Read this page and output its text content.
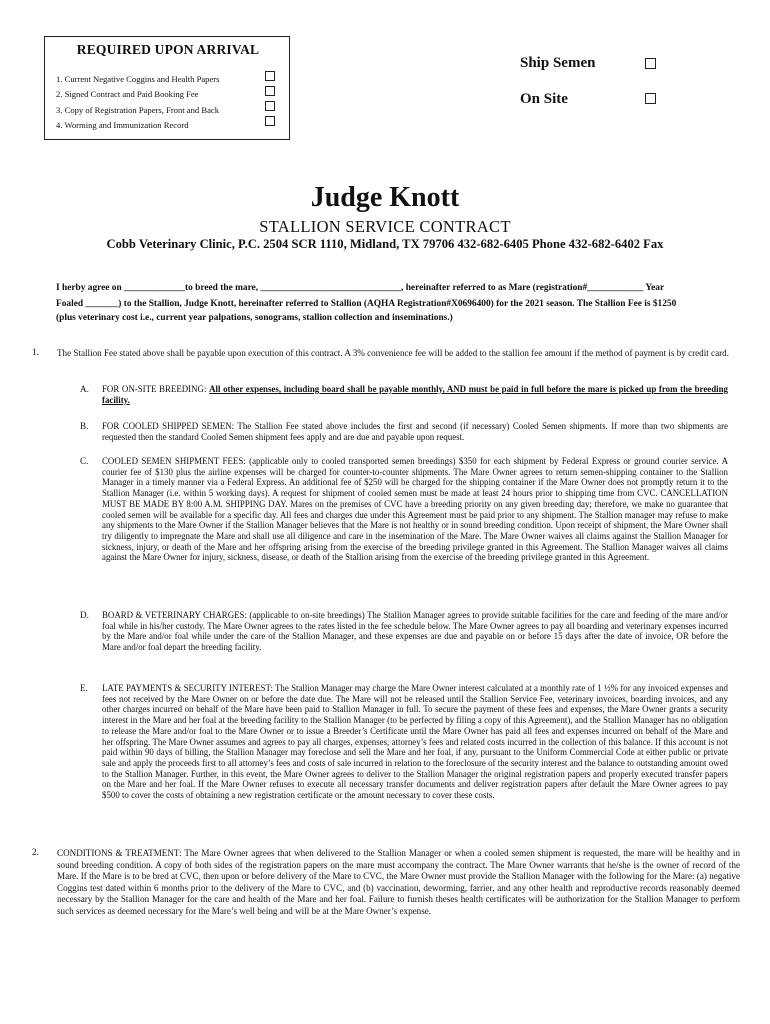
REQUIRED UPON ARRIVAL
1. Current Negative Coggins and Health Papers
2. Signed Contract and Paid Booking Fee
3. Copy of Registration Papers, Front and Back
4. Worming and Immunization Record
Ship Semen
On Site
Judge Knott
STALLION SERVICE CONTRACT
Cobb Veterinary Clinic, P.C. 2504 SCR 1110, Midland, TX 79706 432-682-6405 Phone 432-682-6402 Fax
I herby agree on _____________to breed the mare, ______________________________, hereinafter referred to as Mare (registration#____________ Year
Foaled _______) to the Stallion, Judge Knott, hereinafter referred to Stallion (AQHA Registration#X0696400) for the 2021 season. The Stallion Fee is $1250
(plus veterinary cost i.e., current year palpations, sonograms, stallion collection and inseminations.)
1. The Stallion Fee stated above shall be payable upon execution of this contract. A 3% convenience fee will be added to the stallion fee amount if the method of payment is by credit card.
A. FOR ON-SITE BREEDING: All other expenses, including board shall be payable monthly, AND must be paid in full before the mare is picked up from the breeding facility.
B. FOR COOLED SHIPPED SEMEN: The Stallion Fee stated above includes the first and second (if necessary) Cooled Semen shipments. If more than two shipments are requested then the standard Cooled Semen shipment fees apply and are due and payable upon request.
C. COOLED SEMEN SHIPMENT FEES: (applicable only to cooled transported semen breedings) $350 for each shipment by Federal Express or ground courier service. A courier fee of $130 plus the airline expenses will be charged for counter-to-counter shipments. The Mare Owner agrees to return semen-shipping container to the Stallion Manager in a timely manner via a Federal Express. An additional fee of $250 will be charged for the shipping container if the Mare Owner does not promptly return it to the Stallion Manager (i.e. within 5 working days). A request for shipment of cooled semen must be made at least 24 hours prior to shipping time from CVC. CANCELLATION MUST BE MADE BY 8:00 A.M. SHIPPING DAY. Mares on the premises of CVC have a breeding priority on any given breeding day; therefore, we make no guarantee that cooled semen will be available for a specific day. All fees and charges due under this Agreement must be paid prior to any shipment. The Stallion manager may refuse to make any shipments to the Mare Owner if the Stallion Manager believes that the Mare is not healthy or in sound breeding condition. Upon receipt of shipment, the Mare Owner shall try diligently to impregnate the Mare and shall use all diligence and care in the insemination of the Mare. The Mare Owner waives all claims against the Stallion Manager for sickness, injury, or death of the Mare and her offspring arising from the exercise of the breeding privilege granted in this Agreement. The Stallion Manager waives all claims against the Mare Owner for injury, sickness, disease, or death of the Stallion arising from the exercise of the breeding privilege granted in this Agreement.
D. BOARD & VETERINARY CHARGES: (applicable to on-site breedings) The Stallion Manager agrees to provide suitable facilities for the care and feeding of the mare and/or foal while in his/her custody. The Mare Owner agrees to the rates listed in the fee schedule below. The Mare Owner agrees to pay all boarding and veterinary expenses incurred by the Mare and/or foal while under the care of the Stallion Manager, and these expenses are due and payable on or before 15 days after the date of invoice, OR before the Mare and/or foal depart the breeding facility.
E. LATE PAYMENTS & SECURITY INTEREST: The Stallion Manager may charge the Mare Owner interest calculated at a monthly rate of 1 ½% for any invoiced expenses and fees not received by the Mare Owner on or before the date due. The Mare will not be released until the Stallion Service Fee, veterinary invoices, boarding invoices, and any other charges incurred on behalf of the Mare have been paid to Stallion Manager in full. To secure the payment of these fees and expenses, the Mare Owner grants a security interest in the Mare and her foal at the breeding facility to the Stallion Manager (to be perfected by filing a copy of this Agreement), and the Stallion Manager has no obligation to release the Mare and/or foal to the Mare Owner or to issue a Breeder’s Certificate until the Mare Owner has paid all fees and expenses incurred on behalf of the Mare and her offspring. The Mare Owner assumes and agrees to pay all charges, expenses, attorney’s fees and related costs incurred in the collection of this balance. If this account is not paid within 90 days of billing, the Stallion Manager may foreclose and sell the Mare and her foal, if any, pursuant to the Uniform Commercial Code at either public or private sale and apply the proceeds first to all attorney’s fees and costs of sale incurred in relation to the foreclosure of the security interest and the balance to outstanding amount owed to the Stallion Manager. Further, in this event, the Mare Owner agrees to deliver to the Stallion Manager the original registration papers and properly executed transfer papers on the Mare and her foal. If the Mare Owner refuses to execute all necessary transfer documents and deliver registration papers after default the Mare Owner agrees to pay $500 to cover the costs of obtaining a new registration certificate or the amount necessary to cover these costs.
2. CONDITIONS & TREATMENT: The Mare Owner agrees that when delivered to the Stallion Manager or when a cooled semen shipment is requested, the mare will be healthy and in sound breeding condition. A copy of both sides of the registration papers on the mare must accompany the contract. The Mare Owner warrants that he/she is the owner of record of the Mare. If the Mare is to be bred at CVC, then upon or before delivery of the Mare to CVC, the Mare Owner must provide the Stallion Manager with the following for the Mare: (a) negative Coggins test dated within 6 months prior to the delivery of the Mare to CVC, and (b) vaccination, deworming, farrier, and any other health and reproductive records reasonably deemed necessary by the Stallion Manager for the care and health of the Mare and her foal. Failure to furnish theses health certificates will be authorization for the Stallion Manager to perform such services as deemed necessary for the Mare’s well being and will be at the Mare Owner’s expense.
